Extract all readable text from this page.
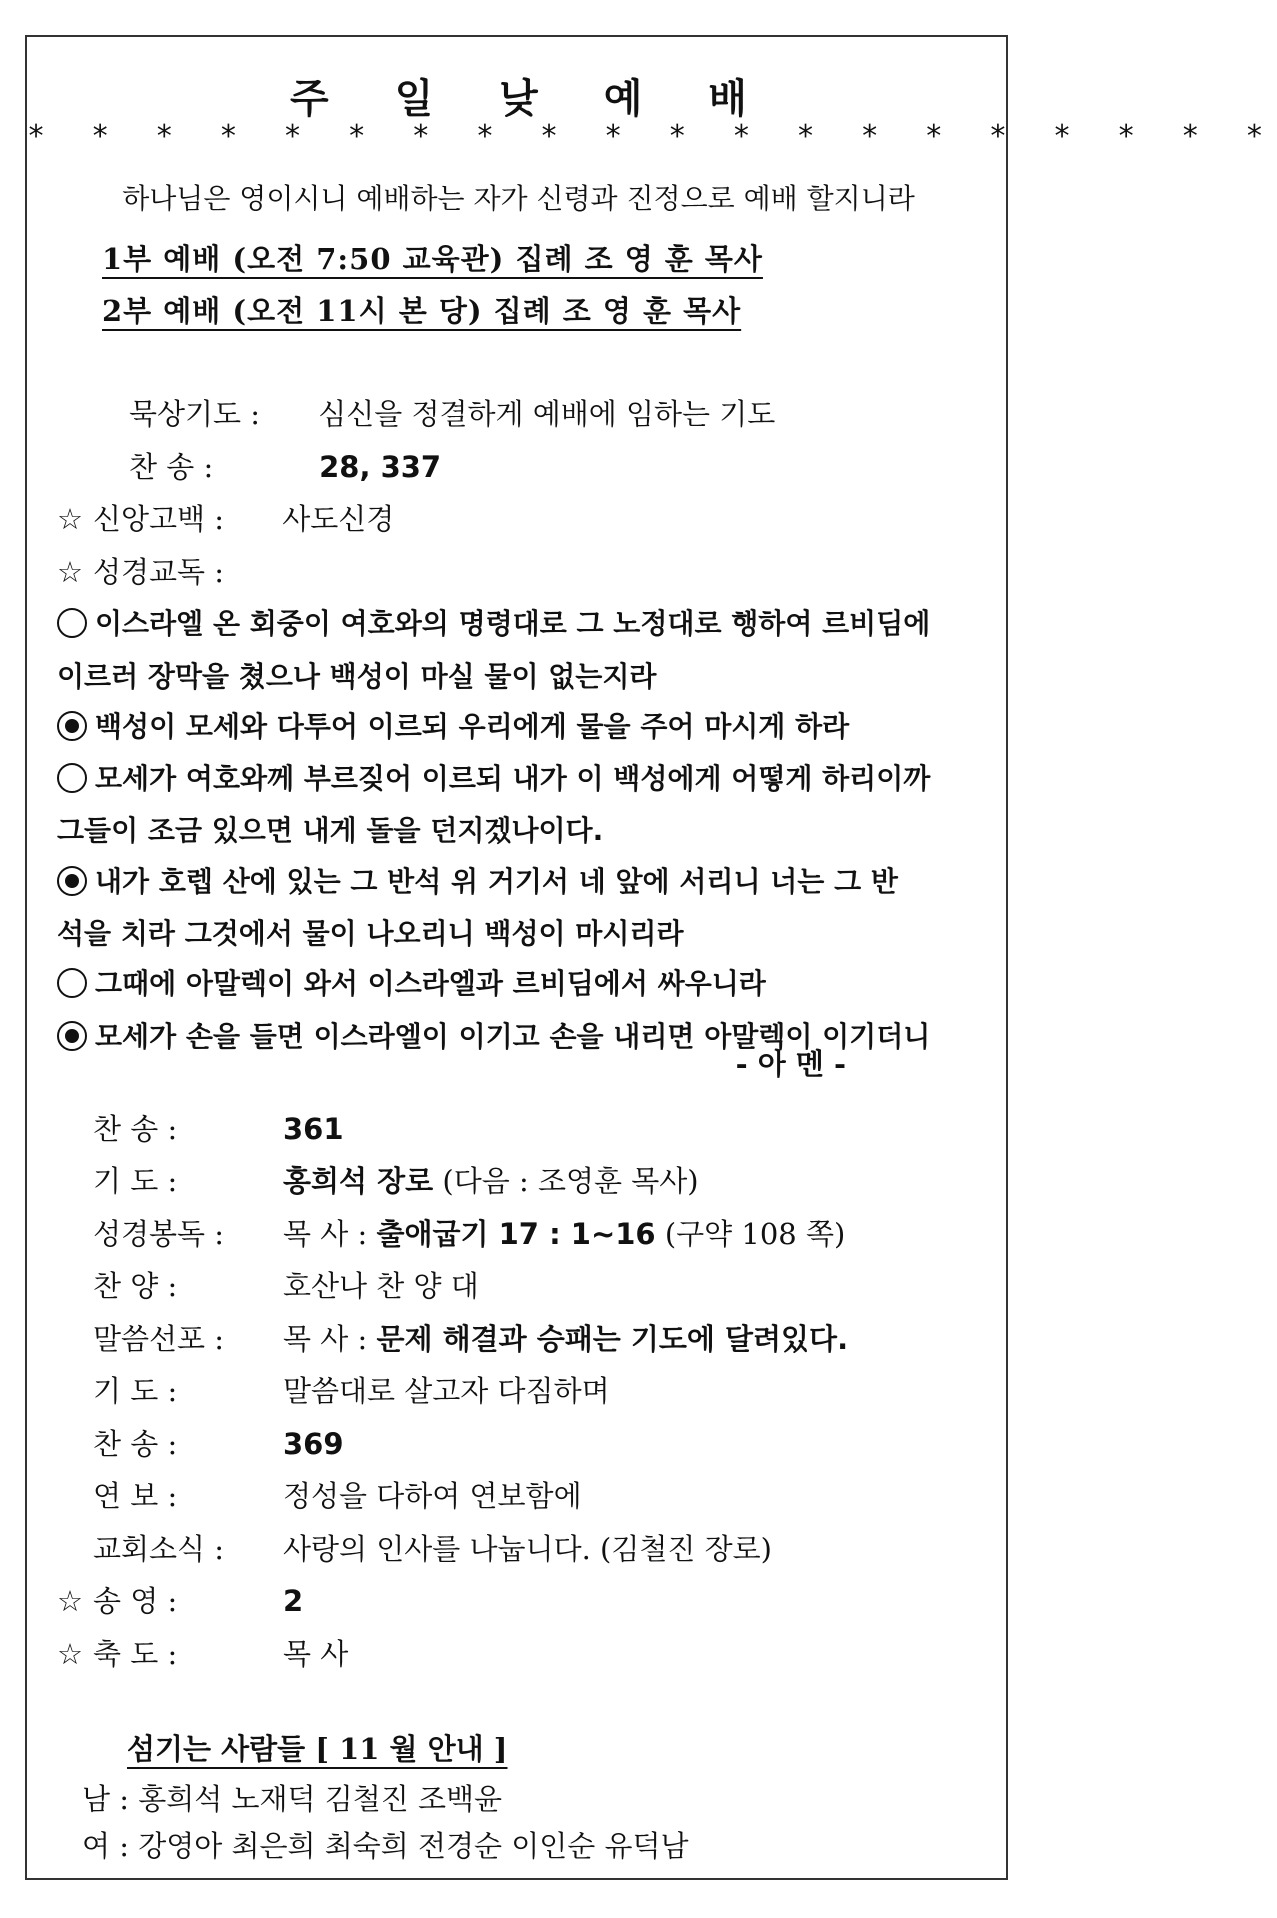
주 일 낮 예 배
* * * * * * * * * * * * * * * * * * * *
하나님은 영이시니 예배하는 자가 신령과 진정으로 예배 할지니라
1부 예배 (오전 7:50 교육관) 집례 조 영 훈 목사
2부 예배 (오전 11시 본 당) 집례 조 영 훈 목사
묵상기도 : 심신을 정결하게 예배에 임하는 기도
찬 송 :	28, 337
☆ 신앙고백 : 사도신경
☆ 성경교독 :
이스라엘 온 회중이 여호와의 명령대로 그 노정대로 행하여 르비딤에
이르러 장막을 쳤으나 백성이 마실 물이 없는지라
백성이 모세와 다투어 이르되 우리에게 물을 주어 마시게 하라
모세가 여호와께 부르짖어 이르되 내가 이 백성에게 어떻게 하리이까
그들이 조금 있으면 내게 돌을 던지겠나이다.
내가 호렙 산에 있는 그 반석 위 거기서 네 앞에 서리니 너는 그 반
석을 치라 그것에서 물이 나오리니 백성이 마시리라
그때에 아말렉이 와서 이스라엘과 르비딤에서 싸우니라
모세가 손을 들면 이스라엘이 이기고 손을 내리면 아말렉이 이기더니
- 아 멘 -
찬 송 :	361
기 도 :	홍희석 장로 (다음 : 조영훈 목사)
성경봉독 : 목 사 : 출애굽기 17 : 1~16 (구약 108 쪽)
찬 양 :	호산나 찬 양 대
말씀선포 : 목 사 : 문제 해결과 승패는 기도에 달려있다.
기 도 :	말씀대로 살고자 다짐하며
찬 송 :	369
연 보 :	정성을 다하여 연보함에
교회소식 : 사랑의 인사를 나눕니다. (김철진 장로)
☆ 송 영 :	2
☆ 축 도 :	목 사
섬기는 사람들 [ 11 월 안내 ]
남 : 홍희석 노재덕 김철진 조백윤
여 : 강영아 최은희 최숙희 전경순 이인순 유덕남
